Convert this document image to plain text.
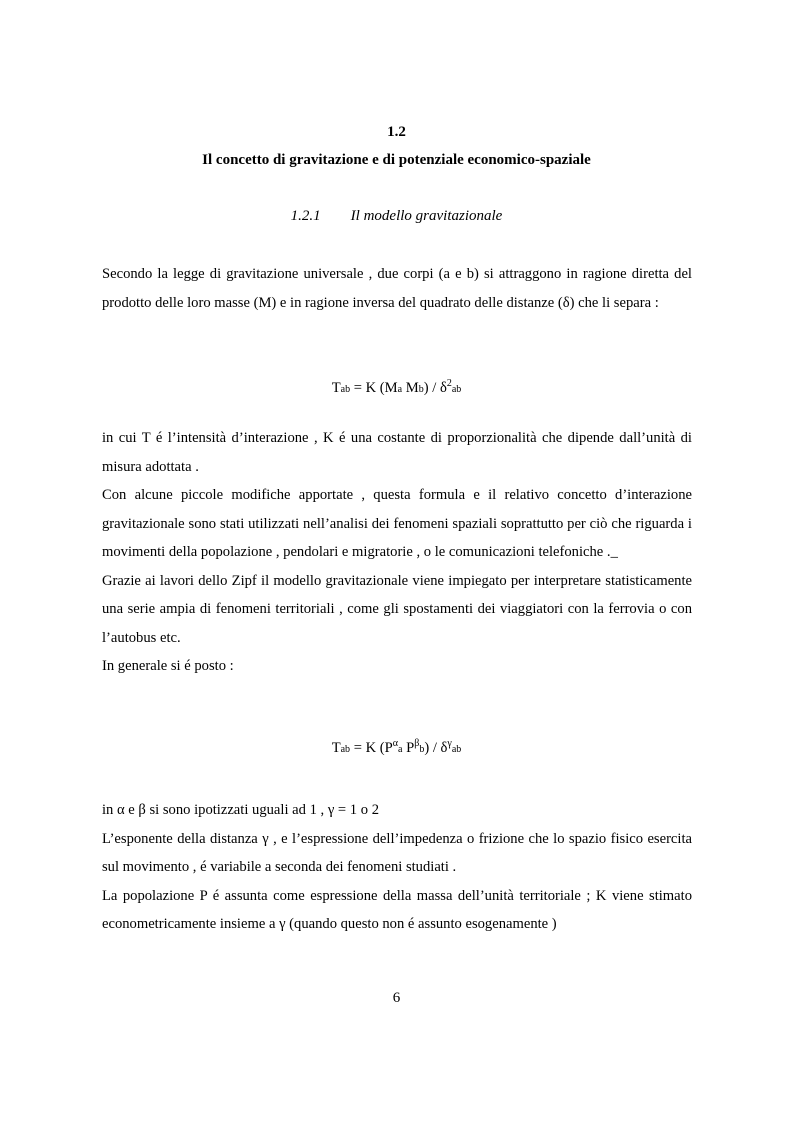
1.2
Il concetto di gravitazione e di potenziale economico-spaziale
1.2.1 Il modello gravitazionale

Secondo la legge di gravitazione universale , due corpi (a e b) si attraggono in ragione diretta del prodotto delle loro masse (M) e in ragione inversa del quadrato delle distanze (δ) che li separa :

Tab = K (Ma $Mb) / \delta^2ab$

in cui T é l’intensità d’interazione , K é una costante di proporzionalità che dipende dall’unità di misura adottata .

Con alcune piccole modifiche apportate , questa formula e il relativo concetto d’interazione gravitazionale sono stati utilizzati nell’analisi dei fenomeni spaziali soprattutto per ciò che riguarda i movimenti della popolazione , pendolari e migratorie , o le comunicazioni telefoniche ._

Grazie ai lavori dello Zipf il modello gravitazionale viene impiegato per interpretare statisticamente una serie ampia di fenomeni territoriali , come gli spostamenti dei viaggiatori con la ferrovia o con l’autobus etc.

In generale si é posto :

Tab = K ($P^\alpha a$ $P^\beta b) / \delta^\gamma ab$

in α e β si sono ipotizzati uguali ad 1 , γ = 1 o 2

L’esponente della distanza γ , e l’espressione dell’impedenza o frizione che lo spazio fisico esercita sul movimento , é variabile a seconda dei fenomeni studiati .

La popolazione P é assunta come espressione della massa dell’unità territoriale ; K viene stimato econometricamente insieme a γ (quando questo non é assunto esogenamente )

6
